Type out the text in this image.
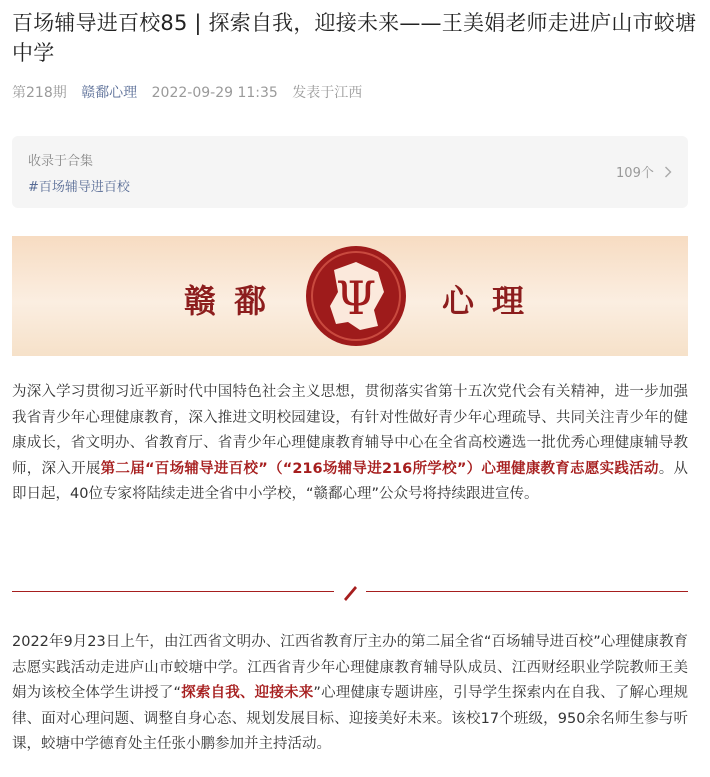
百场辅导进百校85 | 探索自我，迎接未来——王美娟老师走进庐山市蛟塘中学
第218期 赣鄱心理 2022-09-29 11:35 发表于江西
收录于合集
#百场辅导进百校
109个
赣鄱 Ψ 心理
为深入学习贯彻习近平新时代中国特色社会主义思想，贯彻落实省第十五次党代会有关精神，进一步加强我省青少年心理健康教育，深入推进文明校园建设，有针对性做好青少年心理疏导、共同关注青少年的健康成长，省文明办、省教育厅、省青少年心理健康教育辅导中心在全省高校遴选一批优秀心理健康辅导教师，深入开展第二届“百场辅导进百校”（“216场辅导进216所学校”）心理健康教育志愿实践活动。从即日起，40位专家将陆续走进全省中小学校，“赣鄱心理”公众号将持续跟进宣传。
2022年9月23日上午，由江西省文明办、江西省教育厅主办的第二届全省“百场辅导进百校”心理健康教育志愿实践活动走进庐山市蛟塘中学。江西省青少年心理健康教育辅导队成员、江西财经职业学院教师王美娟为该校全体学生讲授了“探索自我、迎接未来”心理健康专题讲座，引导学生探索内在自我、了解心理规律、面对心理问题、调整自身心态、规划发展目标、迎接美好未来。该校17个班级，950余名师生参与听课，蛟塘中学德育处主任张小鹏参加并主持活动。
